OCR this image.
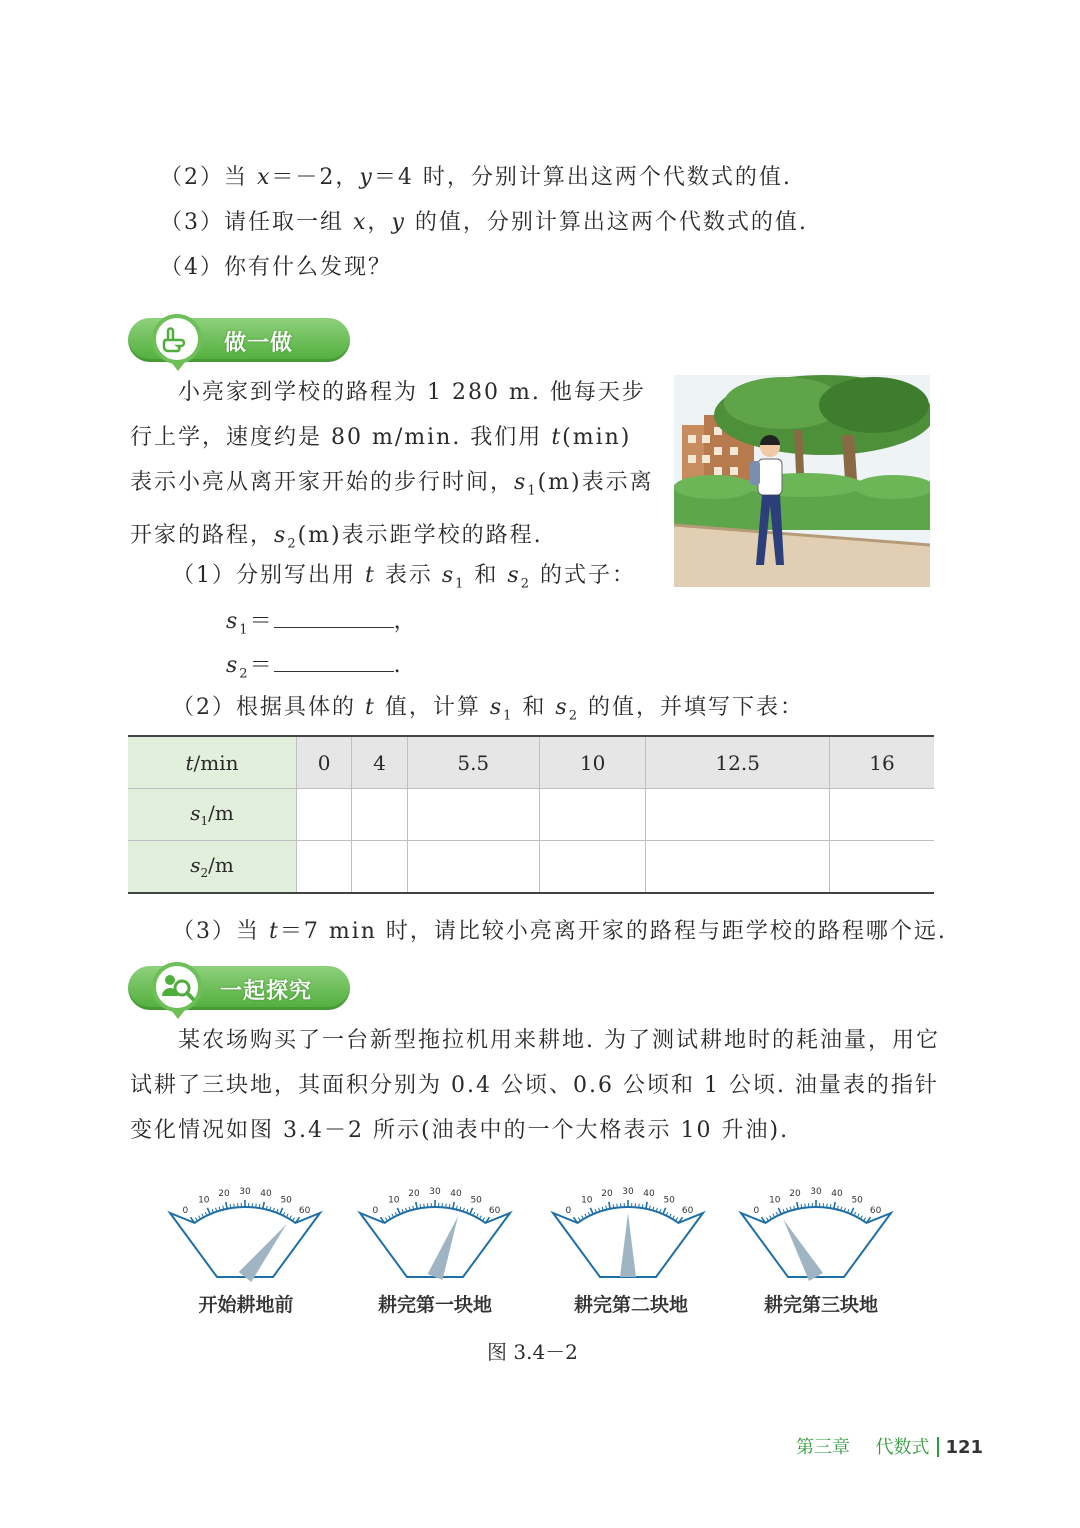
（2）当 x＝－2，y＝4 时，分别计算出这两个代数式的值.
（3）请任取一组 x，y 的值，分别计算出这两个代数式的值.
（4）你有什么发现？
做一做
小亮家到学校的路程为 1 280 m. 他每天步行上学，速度约是 80 m/min. 我们用 t(min)表示小亮从离开家开始的步行时间，$s_1(m)$表示离开家的路程，$s_2(m)$表示距学校的路程.
（1）分别写出用 t 表示 $s_1$ 和 $s_2$ 的式子：
$s_1=$	，
$s_2=$	.
（2）根据具体的 t 值，计算 $s_1$ 和 $s_2$ 的值，并填写下表：
t/min	0	4	5.5	10	12.5	16
$s_1/m$						
$s_2/m$						
（3）当 t＝7 min 时，请比较小亮离开家的路程与距学校的路程哪个远.
一起探究
某农场购买了一台新型拖拉机用来耕地. 为了测试耕地时的耗油量，用它试耕了三块地，其面积分别为 0.4 公顷、0.6 公顷和 1 公顷. 油量表的指针变化情况如图 3.4－2 所示(油表中的一个大格表示 10 升油).
0
10
20 30 40
50
60	0
10
20 30 40
50
60	0
10
20 30 40
50
60	0
10
20 30 40
50
60
开始耕地前	耕完第一块地	耕完第二块地	耕完第三块地
图 3.4－2
第三章 代数式 121
